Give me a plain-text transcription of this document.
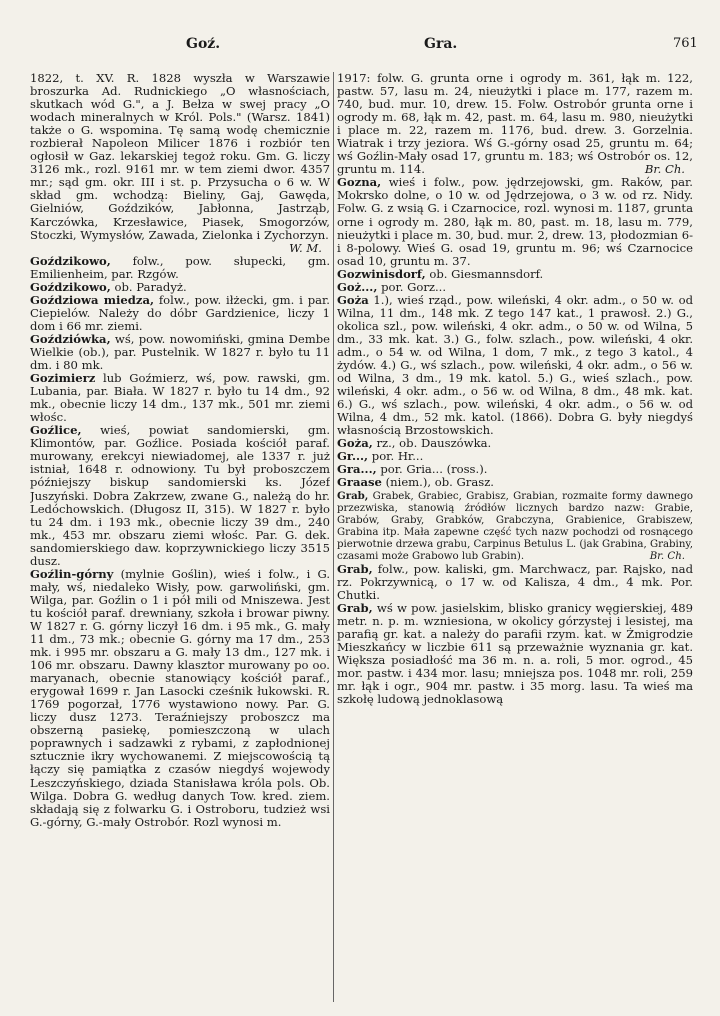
Goź.	Gra.	761
1822, t. XV. R. 1828 wyszła w Warszawie broszurka Ad. Rudnickiego „O własnościach, skutkach wód G.", a J. Bełza w swej pracy „O wodach mineralnych w Król. Pols." (Warsz. 1841) także o G. wspomina. Tę samą wodę chemicznie rozbierał Napoleon Milicer 1876 i rozbiór ten ogłosił w Gaz. lekarskiej tegoż roku. Gm. G. liczy 3126 mk., rozl. 9161 mr. w tem ziemi dwor. 4357 mr.; sąd gm. okr. III i st. p. Przysucha o 6 w. W skład gm. wchodzą: Bieliny, Gaj, Gawęda, Gielniów, Goździków, Jabłonna, Jastrząb, Karczówka, Krzesławice, Piasek, Smogorzów, Stoczki, Wymysłów, Zawada, Zielonka i Zychorzyn.
W. M.
Goździkowo, folw., pow. słupecki, gm. Emilienheim, par. Rzgów.
Goździkowo, ob. Paradyż.
Goździowa miedza, folw., pow. iłżecki, gm. i par. Ciepielów. Należy do dóbr Gardzienice, liczy 1 dom i 66 mr. ziemi.
Goździówka, wś, pow. nowomiński, gmina Dembe Wielkie (ob.), par. Pustelnik. W 1827 r. było tu 11 dm. i 80 mk.
Gozimierz lub Goźmierz, wś, pow. rawski, gm. Lubania, par. Biała. W 1827 r. było tu 14 dm., 92 mk., obecnie liczy 14 dm., 137 mk., 501 mr. ziemi włośc.
Goźlice, wieś, powiat sandomierski, gm. Klimontów, par. Goźlice. Posiada kościół paraf. murowany, erekcyi niewiadomej, ale 1337 r. już istniał, 1648 r. odnowiony. Tu był proboszczem późniejszy biskup sandomierski ks. Józef Juszyński. Dobra Zakrzew, zwane G., należą do hr. Ledóchowskich. (Długosz II, 315). W 1827 r. było tu 24 dm. i 193 mk., obecnie liczy 39 dm., 240 mk., 453 mr. obszaru ziemi włośc. Par. G. dek. sandomierskiego daw. koprzywnickiego liczy 3515 dusz.
Goźlin-górny (mylnie Goślin), wieś i folw., i G. mały, wś, niedaleko Wisły, pow. garwoliński, gm. Wilga, par. Goźlin o 1 i pół mili od Mniszewa. Jest tu kościół paraf. drewniany, szkoła i browar piwny. W 1827 r. G. górny liczył 16 dm. i 95 mk., G. mały 11 dm., 73 mk.; obecnie G. górny ma 17 dm., 253 mk. i 995 mr. obszaru a G. mały 13 dm., 127 mk. i 106 mr. obszaru. Dawny klasztor murowany po oo. maryanach, obecnie stanowiący kościół paraf., erygował 1699 r. Jan Lasocki cześnik łukowski. R. 1769 pogorzał, 1776 wystawiono nowy. Par. G. liczy dusz 1273. Teraźniejszy proboszcz ma obszerną pasiekę, pomieszczoną w ulach poprawnych i sadzawki z rybami, z zapłodnionej sztucznie ikry wychowanemi. Z miejscowością tą łączy się pamiątka z czasów niegdyś wojewody Leszczyńskiego, dziada Stanisława króla pols. Ob. Wilga. Dobra G. według danych Tow. kred. ziem. składają się z folwarku G. i Ostroboru, tudzież wsi G.-górny, G.-mały Ostrobór. Rozl wynosi m.
1917: folw. G. grunta orne i ogrody m. 361, łąk m. 122, pastw. 57, lasu m. 24, nieużytki i place m. 177, razem m. 740, bud. mur. 10, drew. 15. Folw. Ostrobór grunta orne i ogrody m. 68, łąk m. 42, past. m. 64, lasu m. 980, nieużytki i place m. 22, razem m. 1176, bud. drew. 3. Gorzelnia. Wiatrak i trzy jeziora. Wś G.-górny osad 25, gruntu m. 64; wś Goźlin-Mały osad 17, gruntu m. 183; wś Ostrobór os. 12, gruntu m. 114.	Br. Ch.
Gozna, wieś i folw., pow. jędrzejowski, gm. Raków, par. Mokrsko dolne, o 10 w. od Jędrzejowa, o 3 w. od rz. Nidy. Folw. G. z wsią G. i Czarnocice, rozl. wynosi m. 1187, grunta orne i ogrody m. 280, łąk m. 80, past. m. 18, lasu m. 779, nieużytki i place m. 30, bud. mur. 2, drew. 13, płodozmian 6- i 8-polowy. Wieś G. osad 19, gruntu m. 96; wś Czarnocice osad 10, gruntu m. 37.
Gozwinisdorf, ob. Giesmannsdorf.
Goż..., por. Gorz...
Goża 1.), wieś rząd., pow. wileński, 4 okr. adm., o 50 w. od Wilna, 11 dm., 148 mk. Z tego 147 kat., 1 prawosł. 2.) G., okolica szl., pow. wileński, 4 okr. adm., o 50 w. od Wilna, 5 dm., 33 mk. kat. 3.) G., folw. szlach., pow. wileński, 4 okr. adm., o 54 w. od Wilna, 1 dom, 7 mk., z tego 3 katol., 4 żydów. 4.) G., wś szlach., pow. wileński, 4 okr. adm., o 56 w. od Wilna, 3 dm., 19 mk. katol. 5.) G., wieś szlach., pow. wileński, 4 okr. adm., o 56 w. od Wilna, 8 dm., 48 mk. kat. 6.) G., wś szlach., pow. wileński, 4 okr. adm., o 56 w. od Wilna, 4 dm., 52 mk. katol. (1866). Dobra G. były niegdyś własnością Brzostowskich.
Goża, rz., ob. Dauszówka.
Gr..., por. Hr...
Gra..., por. Gria... (ross.).
Graase (niem.), ob. Grasz.
Grab, Grabek, Grabiec, Grabisz, Grabian, rozmaite formy dawnego przezwiska, stanowią źródłów licznych bardzo nazw: Grabie, Grabów, Graby, Grabków, Grabczyna, Grabienice, Grabiszew, Grabina itp. Mała zapewne część tych nazw pochodzi od rosnącego pierwotnie drzewa grabu, Carpinus Betulus L. (jak Grabina, Grabiny, czasami może Grabowo lub Grabin).	Br. Ch.
Grab, folw., pow. kaliski, gm. Marchwacz, par. Rajsko, nad rz. Pokrzywnicą, o 17 w. od Kalisza, 4 dm., 4 mk. Por. Chutki.
Grab, wś w pow. jasielskim, blisko granicy węgierskiej, 489 metr. n. p. m. wzniesiona, w okolicy górzystej i lesistej, ma parafią gr. kat. a należy do parafii rzym. kat. w Żmigrodzie Mieszkańcy w liczbie 611 są przeważnie wyznania gr. kat. Większa posiadłość ma 36 m. n. a. roli, 5 mor. ogrod., 45 mor. pastw. i 434 mor. lasu; mniejsza pos. 1048 mr. roli, 259 mr. łąk i ogr., 904 mr. pastw. i 35 morg. lasu. Ta wieś ma szkołę ludową jednoklasową
